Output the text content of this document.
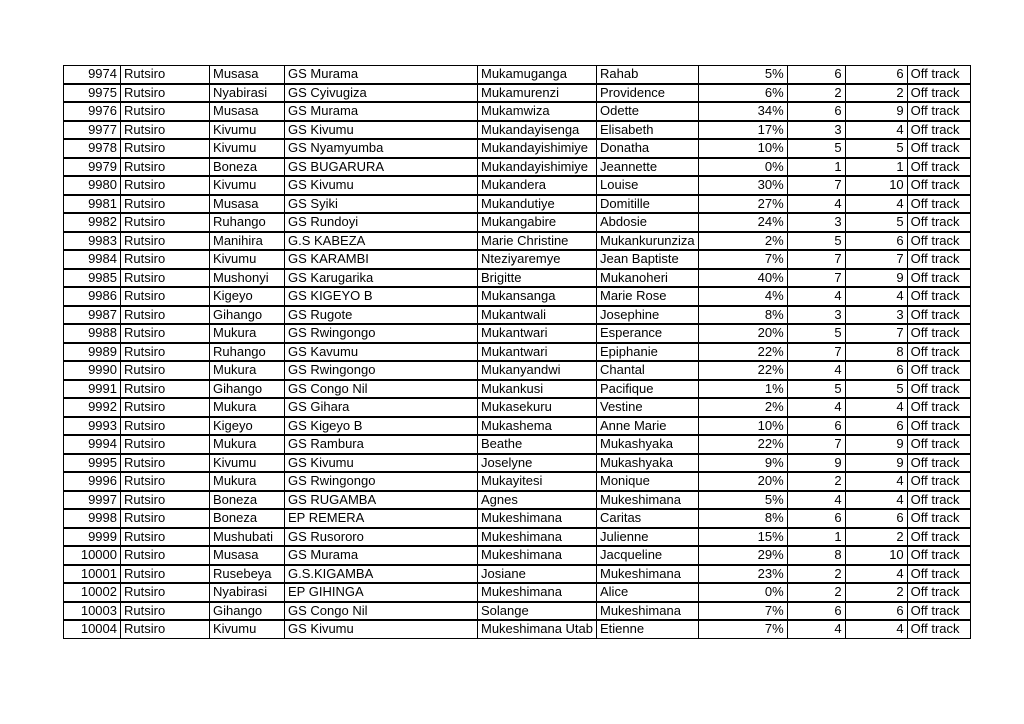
9974	Rutsiro	Musasa	GS Murama	Mukamuganga	Rahab	5%	6	6	Off track
9975	Rutsiro	Nyabirasi	GS Cyivugiza	Mukamurenzi	Providence	6%	2	2	Off track
9976	Rutsiro	Musasa	GS Murama	Mukamwiza	Odette	34%	6	9	Off track
9977	Rutsiro	Kivumu	GS Kivumu	Mukandayisenga	Elisabeth	17%	3	4	Off track
9978	Rutsiro	Kivumu	GS Nyamyumba	Mukandayishimiye	Donatha	10%	5	5	Off track
9979	Rutsiro	Boneza	GS BUGARURA	Mukandayishimiye	Jeannette	0%	1	1	Off track
9980	Rutsiro	Kivumu	GS Kivumu	Mukandera	Louise	30%	7	10	Off track
9981	Rutsiro	Musasa	GS Syiki	Mukandutiye	Domitille	27%	4	4	Off track
9982	Rutsiro	Ruhango	GS Rundoyi	Mukangabire	Abdosie	24%	3	5	Off track
9983	Rutsiro	Manihira	G.S KABEZA	Marie Christine	Mukankurunziza	2%	5	6	Off track
9984	Rutsiro	Kivumu	GS KARAMBI	Nteziyaremye	Jean Baptiste	7%	7	7	Off track
9985	Rutsiro	Mushonyi	GS Karugarika	Brigitte	Mukanoheri	40%	7	9	Off track
9986	Rutsiro	Kigeyo	GS KIGEYO B	Mukansanga	Marie Rose	4%	4	4	Off track
9987	Rutsiro	Gihango	GS Rugote	Mukantwali	Josephine	8%	3	3	Off track
9988	Rutsiro	Mukura	GS Rwingongo	Mukantwari	Esperance	20%	5	7	Off track
9989	Rutsiro	Ruhango	GS Kavumu	Mukantwari	Epiphanie	22%	7	8	Off track
9990	Rutsiro	Mukura	GS Rwingongo	Mukanyandwi	Chantal	22%	4	6	Off track
9991	Rutsiro	Gihango	GS Congo Nil	Mukankusi	Pacifique	1%	5	5	Off track
9992	Rutsiro	Mukura	GS Gihara	Mukasekuru	Vestine	2%	4	4	Off track
9993	Rutsiro	Kigeyo	GS Kigeyo B	Mukashema	Anne Marie	10%	6	6	Off track
9994	Rutsiro	Mukura	GS Rambura	Beathe	Mukashyaka	22%	7	9	Off track
9995	Rutsiro	Kivumu	GS Kivumu	Joselyne	Mukashyaka	9%	9	9	Off track
9996	Rutsiro	Mukura	GS Rwingongo	Mukayitesi	Monique	20%	2	4	Off track
9997	Rutsiro	Boneza	GS RUGAMBA	Agnes	Mukeshimana	5%	4	4	Off track
9998	Rutsiro	Boneza	EP REMERA	Mukeshimana	Caritas	8%	6	6	Off track
9999	Rutsiro	Mushubati	GS Rusororo	Mukeshimana	Julienne	15%	1	2	Off track
10000	Rutsiro	Musasa	GS Murama	Mukeshimana	Jacqueline	29%	8	10	Off track
10001	Rutsiro	Rusebeya	G.S.KIGAMBA	Josiane	Mukeshimana	23%	2	4	Off track
10002	Rutsiro	Nyabirasi	EP GIHINGA	Mukeshimana	Alice	0%	2	2	Off track
10003	Rutsiro	Gihango	GS Congo Nil	Solange	Mukeshimana	7%	6	6	Off track
10004	Rutsiro	Kivumu	GS Kivumu	Mukeshimana Utab	Etienne	7%	4	4	Off track
